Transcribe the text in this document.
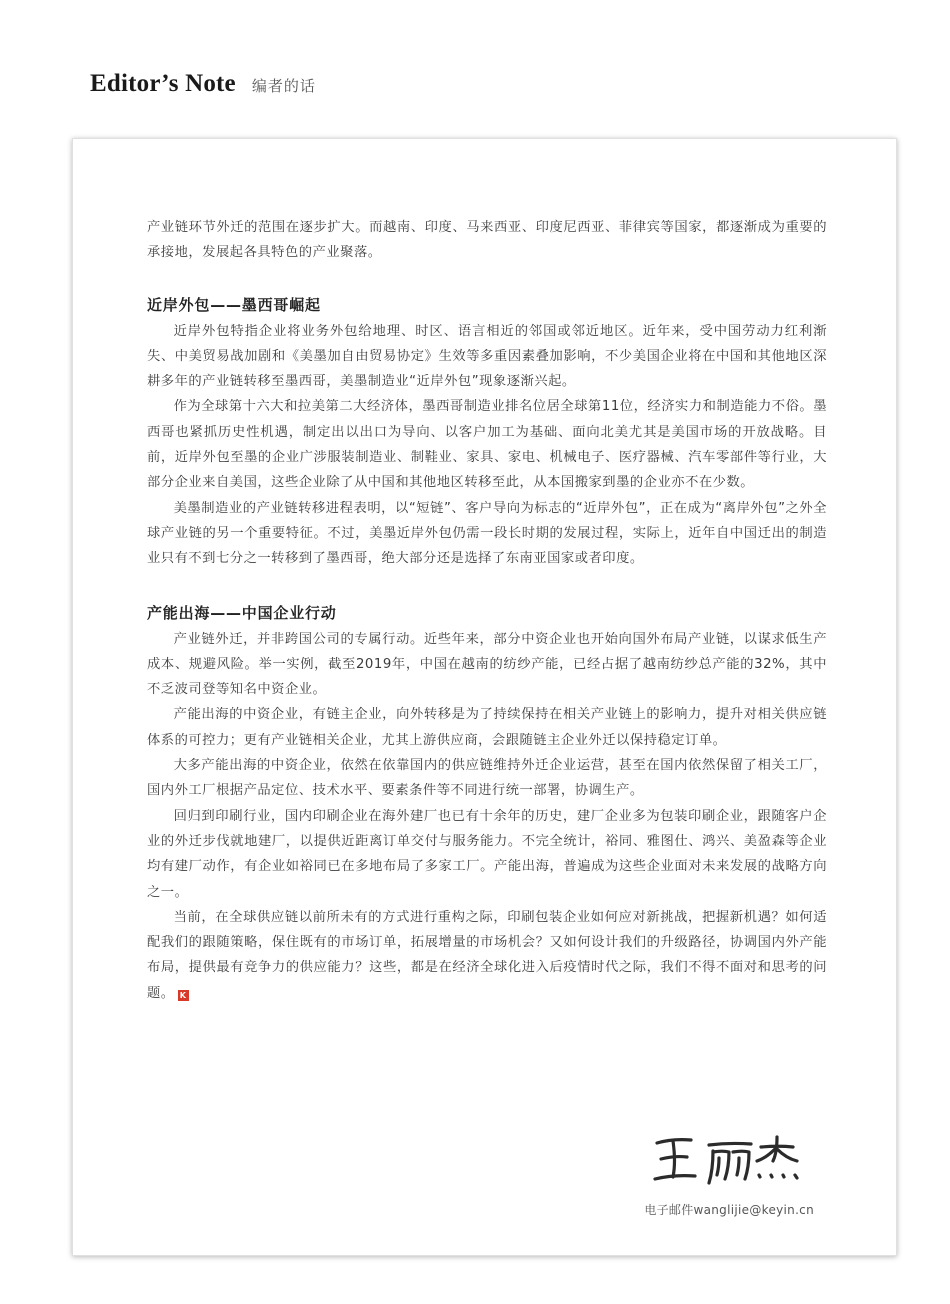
Editor’s Note 编者的话

产业链环节外迁的范围在逐步扩大。而越南、印度、马来西亚、印度尼西亚、菲律宾等国家，都逐渐成为重要的承接地，发展起各具特色的产业聚落。

近岸外包——墨西哥崛起

近岸外包特指企业将业务外包给地理、时区、语言相近的邻国或邻近地区。近年来，受中国劳动力红利渐失、中美贸易战加剧和《美墨加自由贸易协定》生效等多重因素叠加影响，不少美国企业将在中国和其他地区深耕多年的产业链转移至墨西哥，美墨制造业“近岸外包”现象逐渐兴起。

作为全球第十六大和拉美第二大经济体，墨西哥制造业排名位居全球第11位，经济实力和制造能力不俗。墨西哥也紧抓历史性机遇，制定出以出口为导向、以客户加工为基础、面向北美尤其是美国市场的开放战略。目前，近岸外包至墨的企业广涉服装制造业、制鞋业、家具、家电、机械电子、医疗器械、汽车零部件等行业，大部分企业来自美国，这些企业除了从中国和其他地区转移至此，从本国搬家到墨的企业亦不在少数。

美墨制造业的产业链转移进程表明，以“短链”、客户导向为标志的“近岸外包”，正在成为“离岸外包”之外全球产业链的另一个重要特征。不过，美墨近岸外包仍需一段长时期的发展过程，实际上，近年自中国迁出的制造业只有不到七分之一转移到了墨西哥，绝大部分还是选择了东南亚国家或者印度。

产能出海——中国企业行动

产业链外迁，并非跨国公司的专属行动。近些年来，部分中资企业也开始向国外布局产业链，以谋求低生产成本、规避风险。举一实例，截至2019年，中国在越南的纺纱产能，已经占据了越南纺纱总产能的32%，其中不乏波司登等知名中资企业。

产能出海的中资企业，有链主企业，向外转移是为了持续保持在相关产业链上的影响力，提升对相关供应链体系的可控力；更有产业链相关企业，尤其上游供应商，会跟随链主企业外迁以保持稳定订单。

大多产能出海的中资企业，依然在依靠国内的供应链维持外迁企业运营，甚至在国内依然保留了相关工厂，国内外工厂根据产品定位、技术水平、要素条件等不同进行统一部署，协调生产。

回归到印刷行业，国内印刷企业在海外建厂也已有十余年的历史，建厂企业多为包装印刷企业，跟随客户企业的外迁步伐就地建厂，以提供近距离订单交付与服务能力。不完全统计，裕同、雅图仕、鸿兴、美盈森等企业均有建厂动作，有企业如裕同已在多地布局了多家工厂。产能出海，普遍成为这些企业面对未来发展的战略方向之一。

当前，在全球供应链以前所未有的方式进行重构之际，印刷包装企业如何应对新挑战，把握新机遇？如何适配我们的跟随策略，保住既有的市场订单，拓展增量的市场机会？又如何设计我们的升级路径，协调国内外产能布局，提供最有竞争力的供应能力？这些，都是在经济全球化进入后疫情时代之际，我们不得不面对和思考的问题。 K

电子邮件wanglijie@keyin.cn
